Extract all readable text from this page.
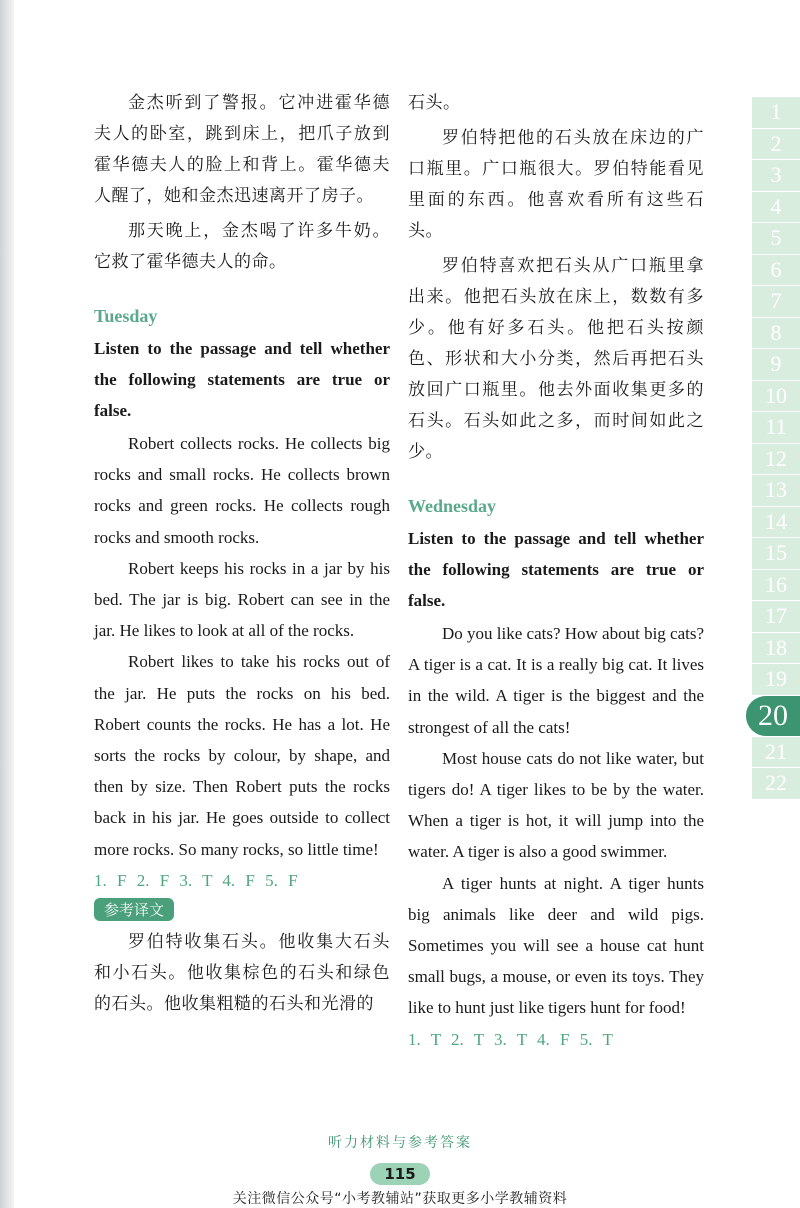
金杰听到了警报。它冲进霍华德夫人的卧室，跳到床上，把爪子放到霍华德夫人的脸上和背上。霍华德夫人醒了，她和金杰迅速离开了房子。

那天晚上，金杰喝了许多牛奶。它救了霍华德夫人的命。

Tuesday

Listen to the passage and tell whether the following statements are true or false.

Robert collects rocks. He collects big rocks and small rocks. He collects brown rocks and green rocks. He collects rough rocks and smooth rocks.

Robert keeps his rocks in a jar by his bed. The jar is big. Robert can see in the jar. He likes to look at all of the rocks.

Robert likes to take his rocks out of the jar. He puts the rocks on his bed. Robert counts the rocks. He has a lot. He sorts the rocks by colour, by shape, and then by size. Then Robert puts the rocks back in his jar. He goes outside to collect more rocks. So many rocks, so little time!

1. F 2. F 3. T 4. F 5. F

参考译文

罗伯特收集石头。他收集大石头和小石头。他收集棕色的石头和绿色的石头。他收集粗糙的石头和光滑的

石头。

罗伯特把他的石头放在床边的广口瓶里。广口瓶很大。罗伯特能看见里面的东西。他喜欢看所有这些石头。

罗伯特喜欢把石头从广口瓶里拿出来。他把石头放在床上，数数有多少。他有好多石头。他把石头按颜色、形状和大小分类，然后再把石头放回广口瓶里。他去外面收集更多的石头。石头如此之多，而时间如此之少。

Wednesday

Listen to the passage and tell whether the following statements are true or false.

Do you like cats? How about big cats? A tiger is a cat. It is a really big cat. It lives in the wild. A tiger is the biggest and the strongest of all the cats!

Most house cats do not like water, but tigers do! A tiger likes to be by the water. When a tiger is hot, it will jump into the water. A tiger is also a good swimmer.

A tiger hunts at night. A tiger hunts big animals like deer and wild pigs. Sometimes you will see a house cat hunt small bugs, a mouse, or even its toys. They like to hunt just like tigers hunt for food!

1. T 2. T 3. T 4. F 5. T

1
2
3
4
5
6
7
8
9
10
11
12
13
14
15
16
17
18
19
20
21
22
听力材料与参考答案
115
关注微信公众号“小考教辅站”获取更多小学教辅资料
